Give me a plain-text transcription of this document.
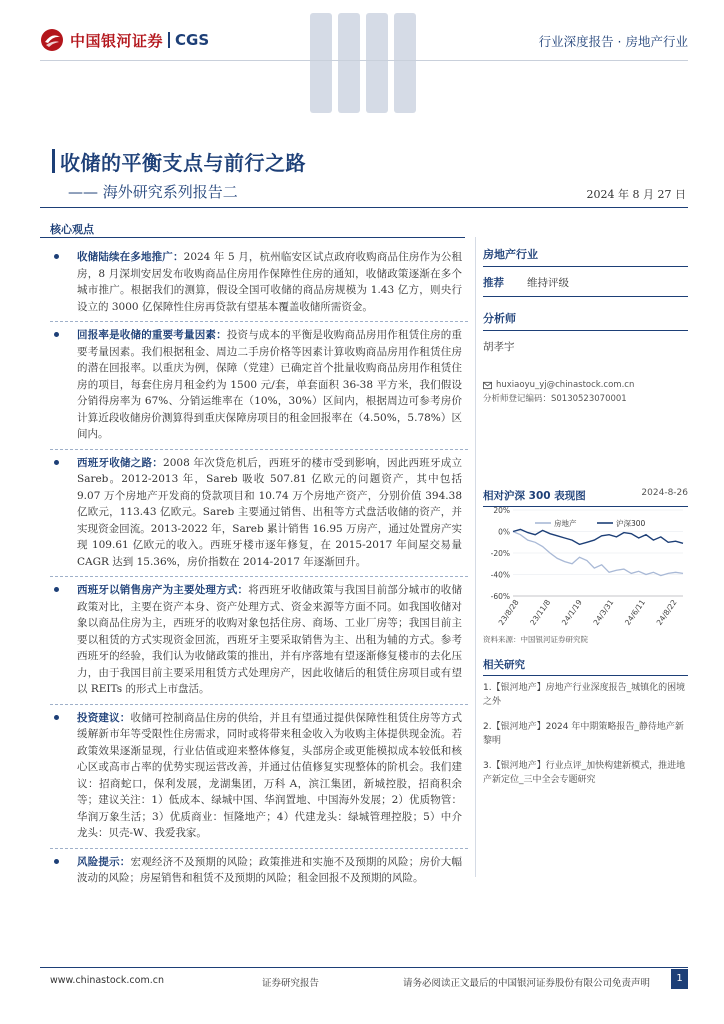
中国银河证券 CGS	行业深度报告 · 房地产行业
收储的平衡支点与前行之路
—— 海外研究系列报告二	2024 年 8 月 27 日
核心观点
收储陆续在多地推广：2024 年 5 月，杭州临安区试点政府收购商品住房作为公租房，8 月深圳安居发布收购商品住房用作保障性住房的通知，收储政策逐渐在多个城市推广。根据我们的测算，假设全国可收储的商品房规模为 1.43 亿方，则央行设立的 3000 亿保障性住房再贷款有望基本覆盖收储所需资金。
回报率是收储的重要考量因素：投资与成本的平衡是收购商品房用作租赁住房的重要考量因素。我们根据租金、周边二手房价格等因素计算收购商品房用作租赁住房的潜在回报率。以重庆为例，保障（党建）已确定首个批量收购商品房用作租赁住房的项目，每套住房月租金约为 1500 元/套，单套面积 36-38 平方米，我们假设分销得房率为 67%、分销运维率在（10%，30%）区间内，根据周边可参考房价计算近段收储房价测算得到重庆保障房项目的租金回报率在（4.50%，5.78%）区间内。
西班牙收储之路：2008 年次贷危机后，西班牙的楼市受到影响，因此西班牙成立 Sareb。2012-2013 年，Sareb 吸收 507.81 亿欧元的问题资产，其中包括 9.07 万个房地产开发商的贷款项目和 10.74 万个房地产资产，分别价值 394.38 亿欧元，113.43 亿欧元。Sareb 主要通过销售、出租等方式盘活收储的资产，并实现资金回流。2013-2022 年，Sareb 累计销售 16.95 万房产，通过处置房产实现 109.61 亿欧元的收入。西班牙楼市逐年修复，在 2015-2017 年间屋交易量 CAGR 达到 15.36%，房价指数在 2014-2017 年逐渐回升。
西班牙以销售房产为主要处理方式：将西班牙收储政策与我国目前部分城市的收储政策对比，主要在资产本身、资产处理方式、资金来源等方面不同。如我国收储对象以商品住房为主，西班牙的收购对象包括住房、商场、工业厂房等；我国目前主要以租赁的方式实现资金回流，西班牙主要采取销售为主、出租为辅的方式。参考西班牙的经验，我们认为收储政策的推出，并有序落地有望逐渐修复楼市的去化压力，由于我国目前主要采用租赁方式处理房产，因此收储后的租赁住房项目或有望以 REITs 的形式上市盘活。
投资建议：收储可控制商品住房的供给，并且有望通过提供保障性租赁住房等方式缓解新市年等受限性住房需求，同时或将带来租金收入为收购主体提供现金流。若政策效果逐渐显现，行业估值或迎来整体修复，头部房企或更能模拟成本较低和核心区或高市占率的优势实现运营改善，并通过估值修复实现整体的阶机会。我们建议：招商蛇口，保利发展，龙湖集团，万科 A，滨江集团，新城控股，招商积余等；建议关注：1）低成本、绿城中国、华润置地、中国海外发展；2）优质物管：华润万象生活；3）优质商业：恒隆地产；4）代建龙头：绿城管理控股；5）中介龙头：贝壳-W、我爱我家。
风险提示：宏观经济不及预期的风险；政策推进和实施不及预期的风险；房价大幅波动的风险；房屋销售和租赁不及预期的风险；租金回报不及预期的风险。
房地产行业
推荐	维持评级
分析师
胡孝宇
huxiaoyu_yj@chinastock.com.cn
分析师登记编码：S0130523070001
相对沪深 300 表现图	2024-8-26
20%
0%
-20%
-40%
-60%
23/8/28 23/11/8 24/1/19 24/3/31 24/6/11 24/8/22
房地产	沪深300
资料来源：中国银河证券研究院
相关研究
1.【银河地产】房地产行业深度报告_城镇化的困境之外
2.【银河地产】2024 年中期策略报告_静待地产新黎明
3.【银河地产】行业点评_加快构建新模式，推进地产新定位_三中全会专题研究
www.chinastock.com.cn	证券研究报告	请务必阅读正文最后的中国银河证券股份有限公司免责声明	1
